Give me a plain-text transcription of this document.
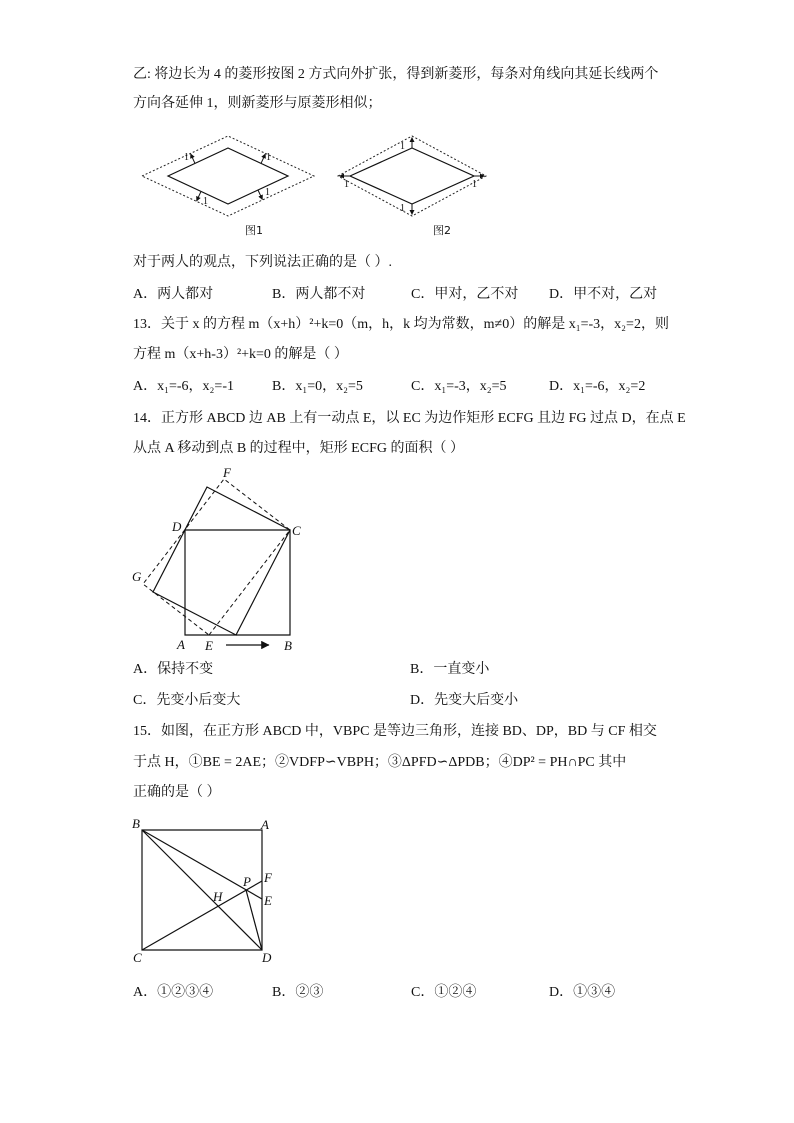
乙: 将边长为 4 的菱形按图 2 方式向外扩张，得到新菱形，每条对角线向其延长线两个
方向各延伸 1，则新菱形与原菱形相似；
1	1
1
1
图1
1
1
1	1
图2
对于两人的观点，下列说法正确的是（ ）.
A．两人都对	B．两人都不对	C．甲对，乙不对 D．甲不对，乙对
13．关于 x 的方程 m（x+h）²+k=0（m，h，k 均为常数，m≠0）的解是 x₁=-3，x₂=2，则
方程 m（x+h-3）²+k=0 的解是（ ）
A．x₁=-6，x₂=-1	B．x₁=0，x₂=5	C．x₁=-3，x₂=5	D．x₁=-6，x₂=2
14．正方形 ABCD 边 AB 上有一动点 E，以 EC 为边作矩形 ECFG 且边 FG 过点 D，在点 E
从点 A 移动到点 B 的过程中，矩形 ECFG 的面积（ ）
F
D	C
G
A E	B
A．保持不变	B．一直变小
C．先变小后变大	D．先变大后变小
15．如图，在正方形 ABCD 中，VBPC 是等边三角形，连接 BD、DP，BD 与 CF 相交
于点 H，①BE = 2AE；②VDFP∽VBPH；③ΔPFD∽ΔPDB；④DP² = PH∩PC 其中
正确的是（ ）
B	A
P F
H	E
C	D
A．①②③④	B．②③	C．①②④	D．①③④
